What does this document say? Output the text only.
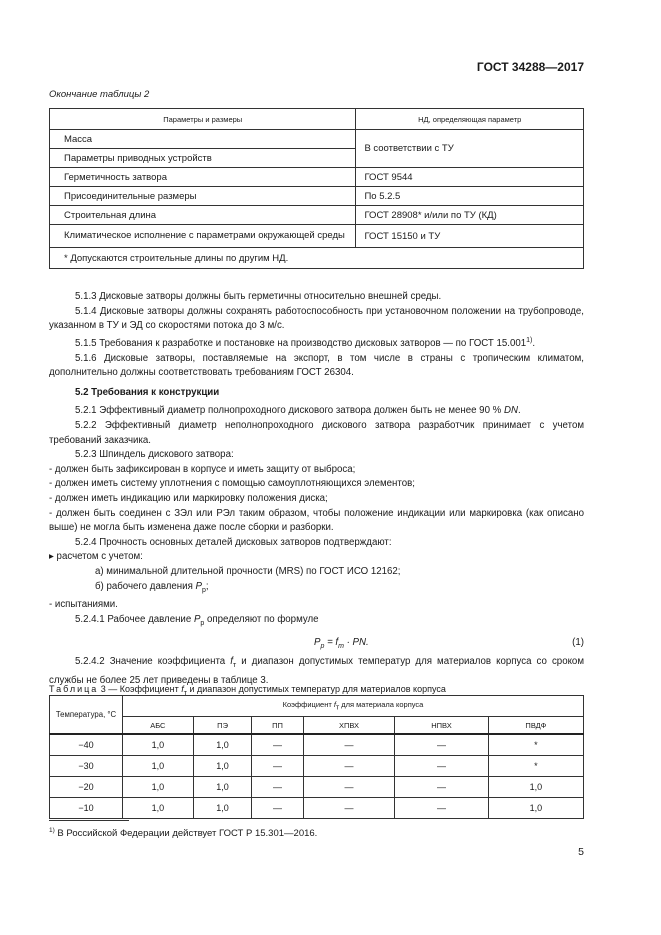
ГОСТ 34288—2017
Окончание таблицы 2
Параметры и размеры	НД, определяющая параметр
Масса	В соответствии с ТУ
Параметры приводных устройств	
Герметичность затвора	ГОСТ 9544
Присоединительные размеры	По 5.2.5
Строительная длина	ГОСТ 28908* и/или по ТУ (КД)
Климатическое исполнение с параметрами окружающей среды	ГОСТ 15150 и ТУ
* Допускаются строительные длины по другим НД.	

5.1.3 Дисковые затворы должны быть герметичны относительно внешней среды.

5.1.4 Дисковые затворы должны сохранять работоспособность при установочном положении на трубопроводе, указанном в ТУ и ЭД со скоростями потока до 3 м/с.

5.1.5 Требования к разработке и постановке на производство дисковых затворов — по ГОСТ 15.001$^{1)}$.

5.1.6 Дисковые затворы, поставляемые на экспорт, в том числе в страны с тропическим климатом, дополнительно должны соответствовать требованиям ГОСТ 26304.

5.2 Требования к конструкции

5.2.1 Эффективный диаметр полнопроходного дискового затвора должен быть не менее 90 % DN.

5.2.2 Эффективный диаметр неполнопроходного дискового затвора разработчик принимает с учетом требований заказчика.

5.2.3 Шпиндель дискового затвора:

- должен быть зафиксирован в корпусе и иметь защиту от выброса;

- должен иметь систему уплотнения с помощью самоуплотняющихся элементов;

- должен иметь индикацию или маркировку положения диска;

- должен быть соединен с ЗЭл или РЭл таким образом, чтобы положение индикации или маркировка (как описано выше) не могла быть изменена даже после сборки и разборки.

5.2.4 Прочность основных деталей дисковых затворов подтверждают:

▸ расчетом с учетом:

а) минимальной длительной прочности (MRS) по ГОСТ ИСО 12162;

б) рабочего давления $P_р$;

- испытаниями.

5.2.4.1 Рабочее давление $P_р$ определяют по формуле

$P_р = f_т$ · PN.	(1)

5.2.4.2 Значение коэффициента $f_т$ и диапазон допустимых температур для материалов корпуса со сроком службы не более 25 лет приведены в таблице 3.

Таблица 3 — Коэффициент $f_т$ и диапазон допустимых температур для материалов корпуса
Температура, °С	Коэффициент $f_т$ для материала корпуса					
	АБС	ПЭ	ПП	ХПВХ	НПВХ	ПВДФ
−40	1,0	1,0	—	—	—	*
−30	1,0	1,0	—	—	—	*
−20	1,0	1,0	—	—	—	1,0
−10	1,0	1,0	—	—	—	1,0
$^{1)}$ В Российской Федерации действует ГОСТ Р 15.301—2016.
5
